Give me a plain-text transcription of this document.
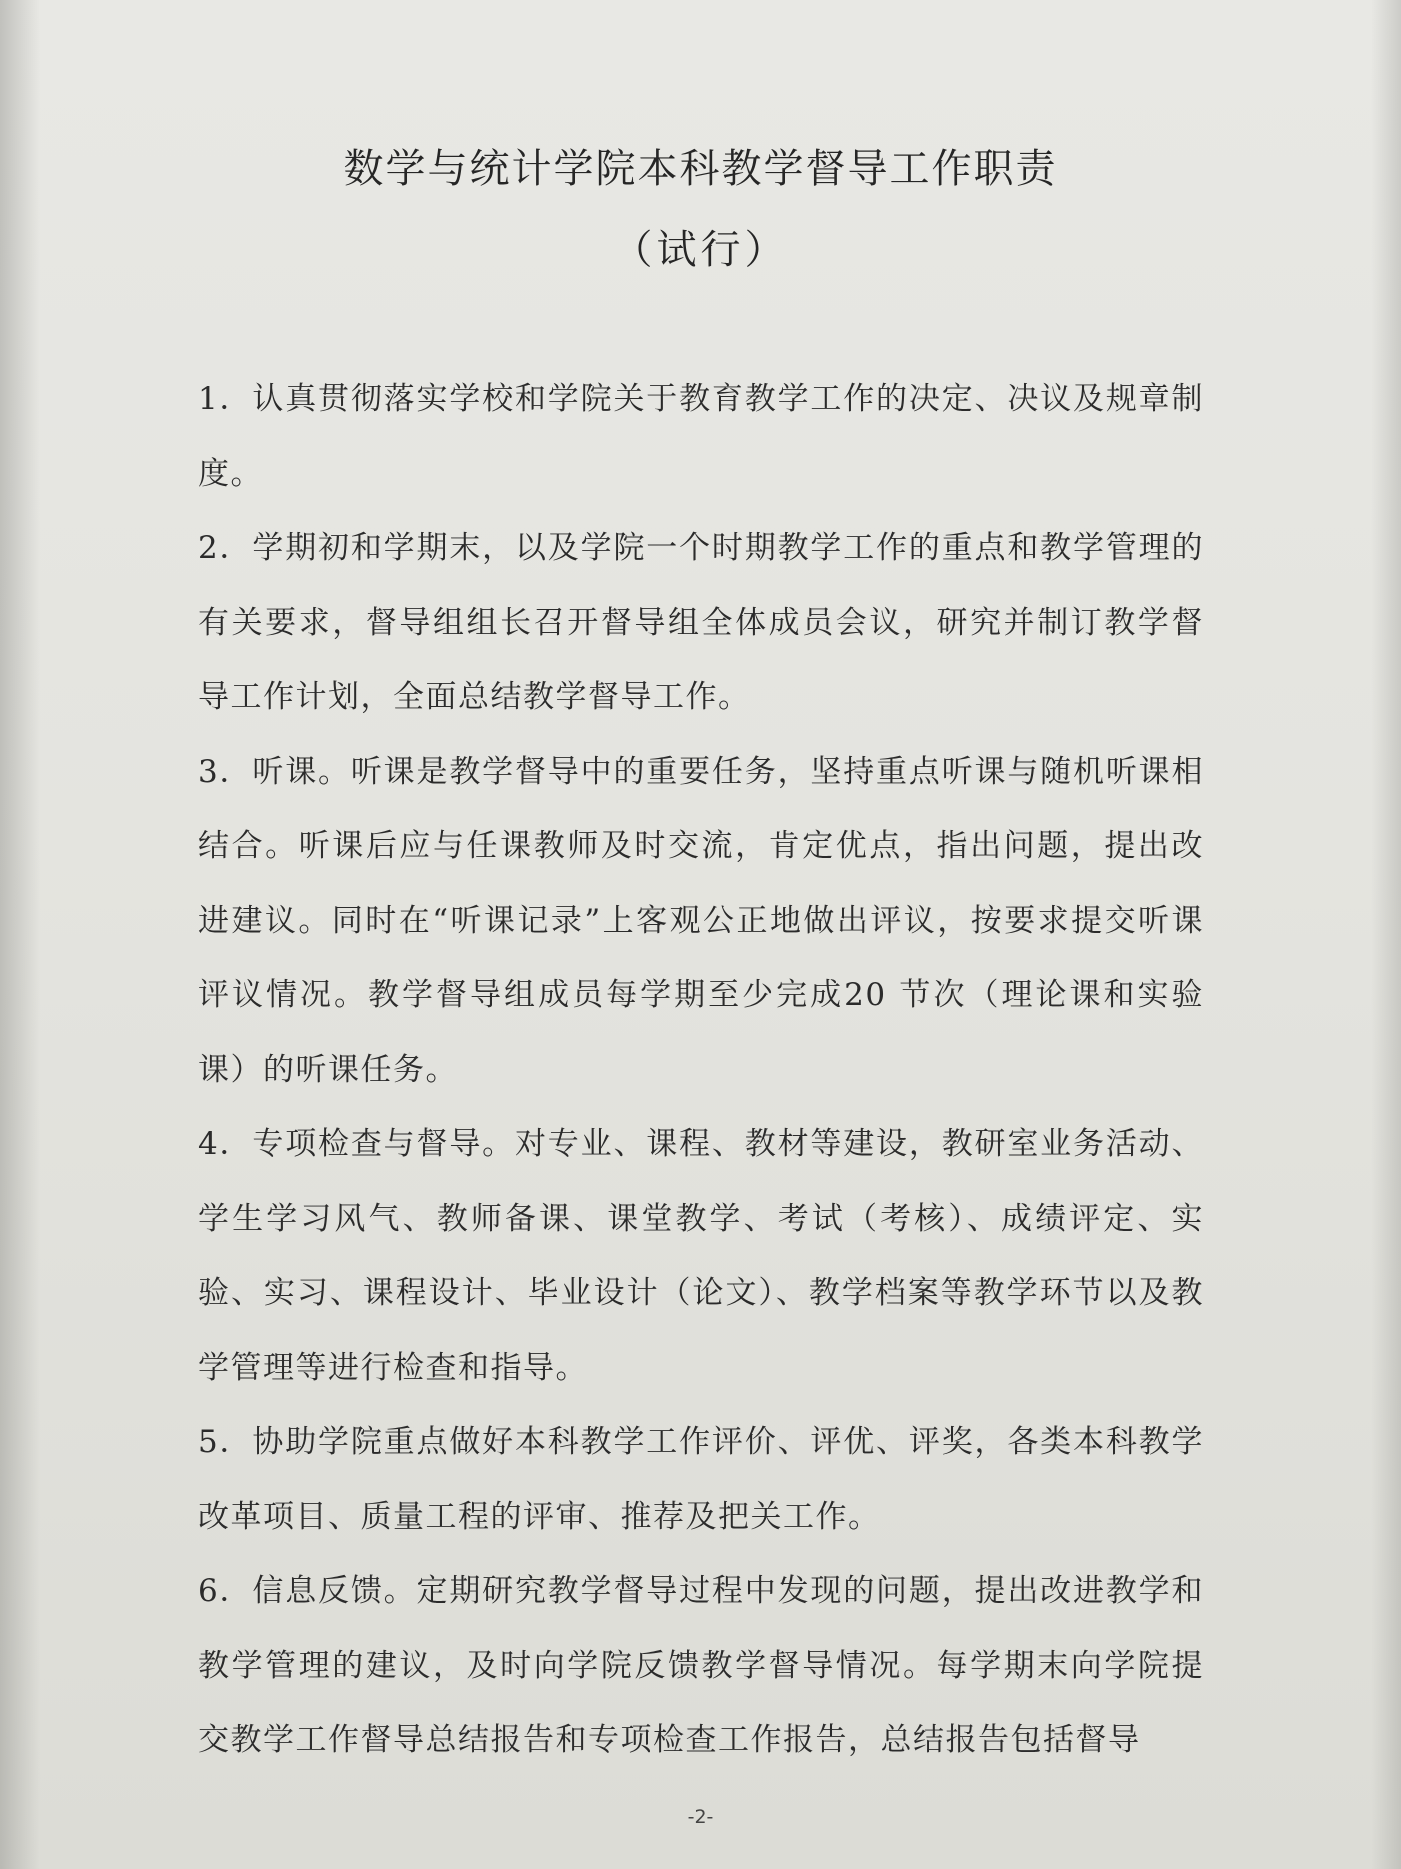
数学与统计学院本科教学督导工作职责
（试行）

1．认真贯彻落实学校和学院关于教育教学工作的决定、决议及规章制度。

2．学期初和学期末，以及学院一个时期教学工作的重点和教学管理的有关要求，督导组组长召开督导组全体成员会议，研究并制订教学督导工作计划，全面总结教学督导工作。

3．听课。听课是教学督导中的重要任务，坚持重点听课与随机听课相结合。听课后应与任课教师及时交流，肯定优点，指出问题，提出改进建议。同时在“听课记录”上客观公正地做出评议，按要求提交听课评议情况。教学督导组成员每学期至少完成20 节次（理论课和实验课）的听课任务。

4．专项检查与督导。对专业、课程、教材等建设，教研室业务活动、学生学习风气、教师备课、课堂教学、考试（考核）、成绩评定、实验、实习、课程设计、毕业设计（论文）、教学档案等教学环节以及教学管理等进行检查和指导。

5．协助学院重点做好本科教学工作评价、评优、评奖，各类本科教学改革项目、质量工程的评审、推荐及把关工作。

6．信息反馈。定期研究教学督导过程中发现的问题，提出改进教学和教学管理的建议，及时向学院反馈教学督导情况。每学期末向学院提交教学工作督导总结报告和专项检查工作报告，总结报告包括督导

-2-
